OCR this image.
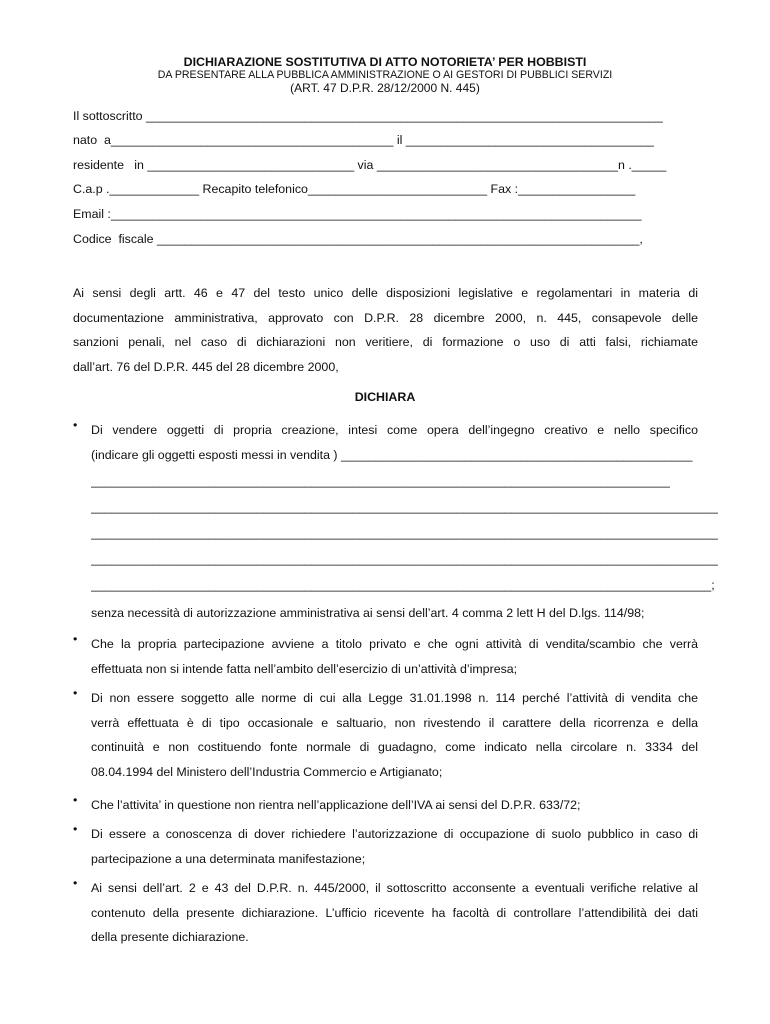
DICHIARAZIONE SOSTITUTIVA DI ATTO NOTORIETA’ PER HOBBISTI
DA PRESENTARE ALLA PUBBLICA AMMINISTRAZIONE O AI GESTORI DI PUBBLICI SERVIZI
(ART. 47 D.P.R. 28/12/2000 N. 445)
Il sottoscritto ___________________________________________________________________________
nato  a_________________________________________ il ____________________________________
residente   in ______________________________ via ___________________________________n ._____
C.a.p ._____________ Recapito telefonico__________________________ Fax :_________________
Email :_____________________________________________________________________________
Codice  fiscale ______________________________________________________________________,
Ai sensi degli artt. 46 e 47 del testo unico delle disposizioni legislative e regolamentari in materia di
documentazione amministrativa, approvato con D.P.R. 28 dicembre 2000, n. 445, consapevole delle
sanzioni penali, nel caso di dichiarazioni non veritiere, di formazione o uso di atti falsi, richiamate
dall’art. 76 del D.P.R. 445 del 28 dicembre 2000,
DICHIARA
•	Di vendere oggetti di propria creazione, intesi come opera dell’ingegno creativo e nello specifico
(indicare gli oggetti esposti messi in vendita ) ___________________________________________________
____________________________________________________________________________________
___________________________________________________________________________________________
___________________________________________________________________________________________
___________________________________________________________________________________________
__________________________________________________________________________________________;
senza necessità di autorizzazione amministrativa ai sensi dell’art. 4 comma 2 lett H del D.lgs. 114/98;
•	Che la propria partecipazione avviene a titolo privato e che ogni attività di vendita/scambio che verrà
effettuata non si intende fatta nell’ambito dell’esercizio di un’attività d’impresa;
•	Di non essere soggetto alle norme di cui alla Legge 31.01.1998 n. 114 perché l’attività di vendita che
verrà effettuata è di tipo occasionale e saltuario, non rivestendo il carattere della ricorrenza e della
continuità e non costituendo fonte normale di guadagno, come indicato nella circolare n. 3334 del
08.04.1994 del Ministero dell’Industria Commercio e Artigianato;
•	Che l’attivita’ in questione non rientra nell’applicazione dell’IVA ai sensi del D.P.R. 633/72;
•	Di essere a conoscenza di dover richiedere l’autorizzazione di occupazione di suolo pubblico in caso di
partecipazione a una determinata manifestazione;
•	Ai sensi dell’art. 2 e 43 del D.P.R. n. 445/2000, il sottoscritto acconsente a eventuali verifiche relative al
contenuto della presente dichiarazione. L’ufficio ricevente ha facoltà di controllare l’attendibilità dei dati
della presente dichiarazione.
